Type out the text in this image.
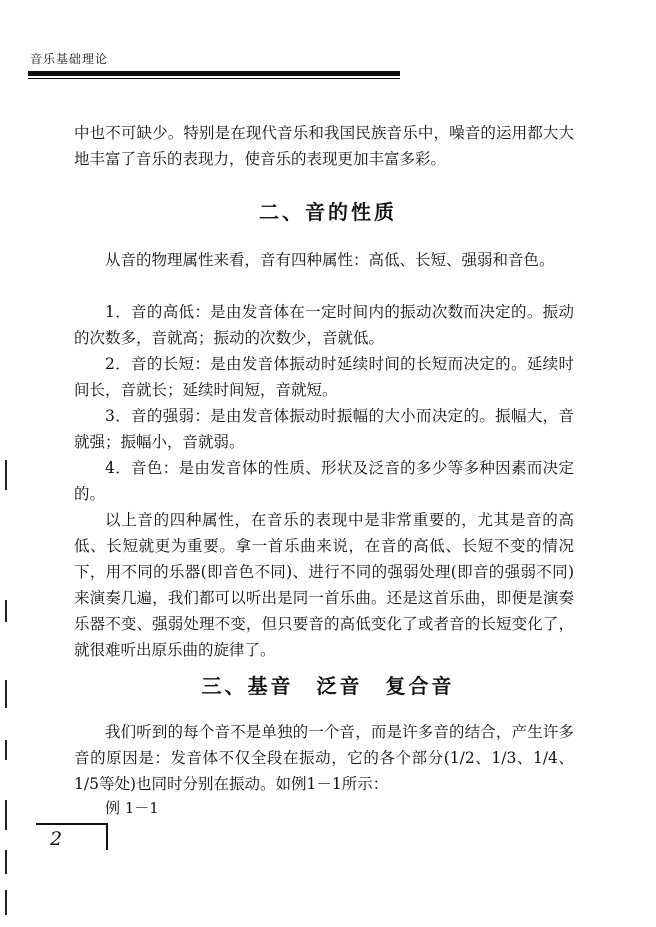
音乐基础理论

中也不可缺少。特别是在现代音乐和我国民族音乐中，噪音的运用都大大地丰富了音乐的表现力，使音乐的表现更加丰富多彩。

二、音的性质

从音的物理属性来看，音有四种属性：高低、长短、强弱和音色。

1．音的高低：是由发音体在一定时间内的振动次数而决定的。振动的次数多，音就高；振动的次数少，音就低。

2．音的长短：是由发音体振动时延续时间的长短而决定的。延续时间长，音就长；延续时间短，音就短。

3．音的强弱：是由发音体振动时振幅的大小而决定的。振幅大，音就强；振幅小，音就弱。

4．音色：是由发音体的性质、形状及泛音的多少等多种因素而决定的。

以上音的四种属性，在音乐的表现中是非常重要的，尤其是音的高低、长短就更为重要。拿一首乐曲来说，在音的高低、长短不变的情况下，用不同的乐器(即音色不同)、进行不同的强弱处理(即音的强弱不同)来演奏几遍，我们都可以听出是同一首乐曲。还是这首乐曲，即便是演奏乐器不变、强弱处理不变，但只要音的高低变化了或者音的长短变化了，就很难听出原乐曲的旋律了。

三、基音　泛音　复合音

我们听到的每个音不是单独的一个音，而是许多音的结合，产生许多音的原因是：发音体不仅全段在振动，它的各个部分(1/2、1/3、1/4、1/5等处)也同时分别在振动。如例1－1所示：

例 1－1
2
